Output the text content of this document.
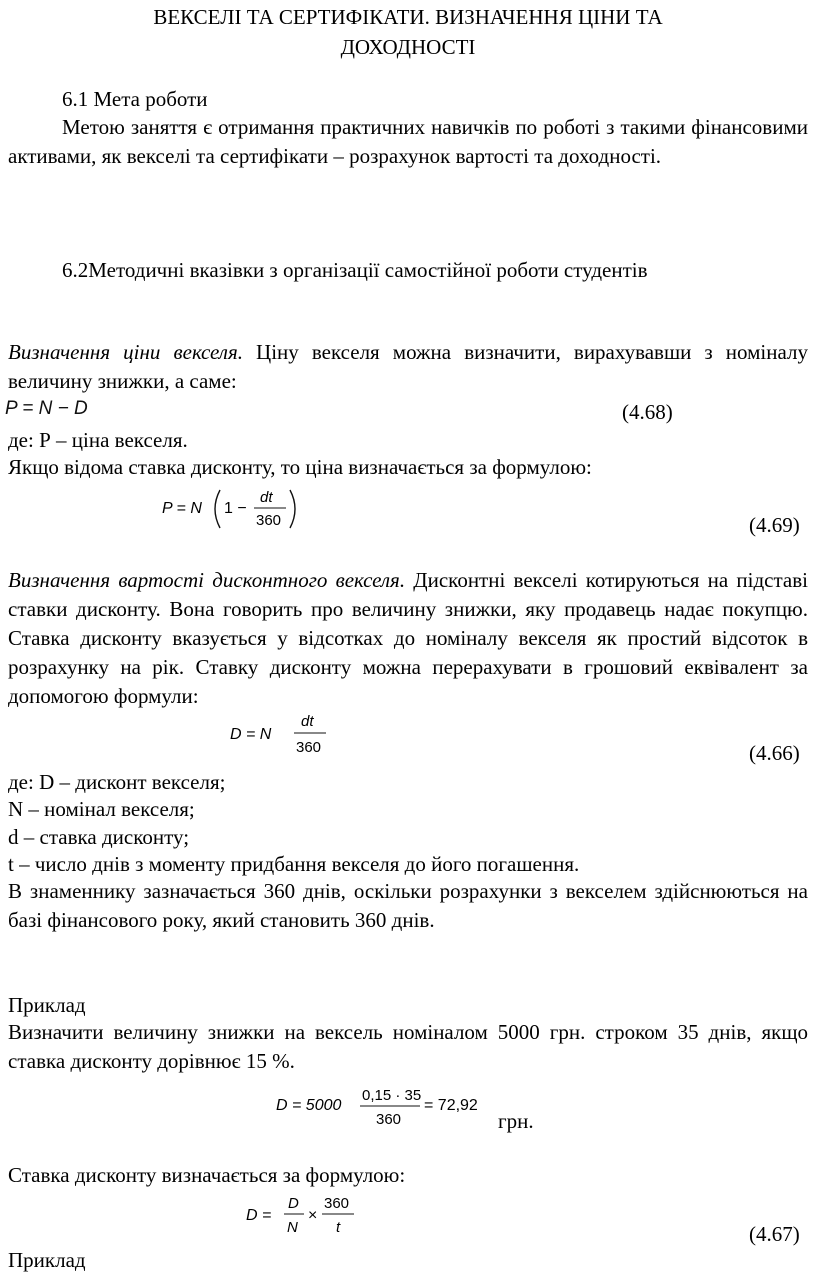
ВЕКСЕЛІ ТА СЕРТИФІКАТИ. ВИЗНАЧЕННЯ ЦІНИ ТА
ДОХОДНОСТІ
6.1 Мета роботи
Метою заняття є отримання практичних навичків по роботі з такими фінансовими активами, як векселі та сертифікати – розрахунок вартості та доходності.
6.2Методичні вказівки з організації самостійної роботи студентів
Визначення ціни векселя. Ціну векселя можна визначити, вирахувавши з номіналу величину знижки, а саме:
P = N − D	(4.68)
де: Р – ціна векселя.
Якщо відома ставка дисконту, то ціна визначається за формулою:
P = N 1 −
dt
360	(4.69)
Визначення вартості дисконтного векселя. Дисконтні векселі котируються на підставі ставки дисконту. Вона говорить про величину знижки, яку продавець надає покупцю. Ставка дисконту вказується у відсотках до номіналу векселя як простий відсоток в розрахунку на рік. Ставку дисконту можна перерахувати в грошовий еквівалент за допомогою формули:
D = N
dt
360	(4.66)
де: D – дисконт векселя;
N – номінал векселя;
d – ставка дисконту;
t – число днів з моменту придбання векселя до його погашення.
В знаменнику зазначається 360 днів, оскільки розрахунки з векселем здійснюються на базі фінансового року, який становить 360 днів.
Приклад
Визначити величину знижки на вексель номіналом 5000 грн. строком 35 днів, якщо ставка дисконту дорівнює 15 %.
D = 5000
0,15 · 35
360
= 72,92
грн.
Ставка дисконту визначається за формулою:
D =
D
N
×
360
t	(4.67)
Приклад
